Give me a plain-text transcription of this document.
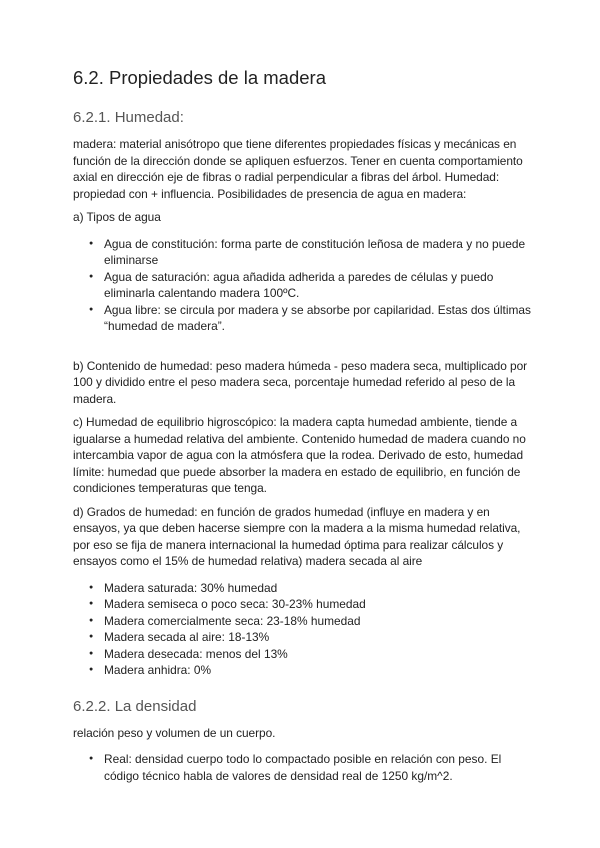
6.2. Propiedades de la madera
6.2.1. Humedad:

madera: material anisótropo que tiene diferentes propiedades físicas y mecánicas en función de la dirección donde se apliquen esfuerzos. Tener en cuenta comportamiento axial en dirección eje de fibras o radial perpendicular a fibras del árbol. Humedad: propiedad con + influencia. Posibilidades de presencia de agua en madera:

a) Tipos de agua

● Agua de constitución: forma parte de constitución leñosa de madera y no puede eliminarse
● Agua de saturación: agua añadida adherida a paredes de células y puedo eliminarla calentando madera 100ºC.
● Agua libre: se circula por madera y se absorbe por capilaridad. Estas dos últimas “humedad de madera”.

b) Contenido de humedad: peso madera húmeda - peso madera seca, multiplicado por 100 y dividido entre el peso madera seca, porcentaje humedad referido al peso de la madera.

c) Humedad de equilibrio higroscópico: la madera capta humedad ambiente, tiende a igualarse a humedad relativa del ambiente. Contenido humedad de madera cuando no intercambia vapor de agua con la atmósfera que la rodea. Derivado de esto, humedad límite: humedad que puede absorber la madera en estado de equilibrio, en función de condiciones temperaturas que tenga.

d) Grados de humedad: en función de grados humedad (influye en madera y en ensayos, ya que deben hacerse siempre con la madera a la misma humedad relativa, por eso se fija de manera internacional la humedad óptima para realizar cálculos y ensayos como el 15% de humedad relativa) madera secada al aire

● Madera saturada: 30% humedad
● Madera semiseca o poco seca: 30-23% humedad
● Madera comercialmente seca: 23-18% humedad
● Madera secada al aire: 18-13%
● Madera desecada: menos del 13%
● Madera anhidra: 0%
6.2.2. La densidad

relación peso y volumen de un cuerpo.

● Real: densidad cuerpo todo lo compactado posible en relación con peso. El código técnico habla de valores de densidad real de 1250 kg/m^2.
